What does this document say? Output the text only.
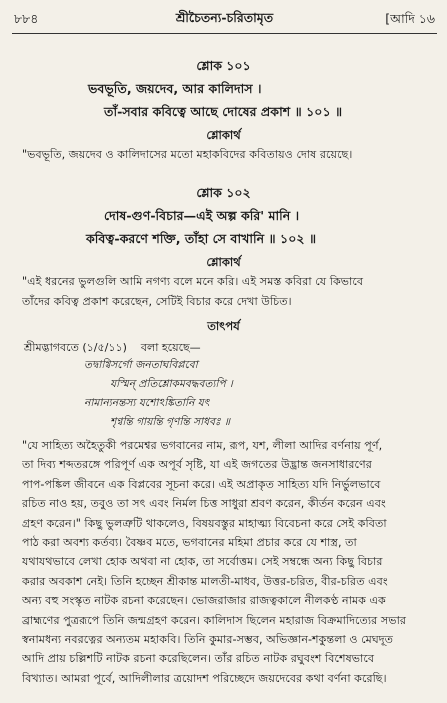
৮৮৪	শ্রীচৈতন্য-চরিতামৃত	[আদি ১৬
শ্লোক ১০১
ভবভূতি, জয়দেব, আর কালিদাস ।
তাঁ-সবার কবিত্বে আছে দোষের প্রকাশ ॥ ১০১ ॥
শ্লোকার্থ
"ভবভূতি, জয়দেব ও কালিদাসের মতো মহাকবিদের কবিতায়ও দোষ রয়েছে।
শ্লোক ১০২
দোষ-গুণ-বিচার—এই অল্প করি' মানি ।
কবিত্ব-করণে শক্তি, তাঁহা সে বাখানি ॥ ১০২ ॥
শ্লোকার্থ
"এই ধরনের ভুলগুলি আমি নগণ্য বলে মনে করি। এই সমস্ত কবিরা যে কিভাবে
তাঁদের কবিত্ব প্রকাশ করেছেন, সেটিই বিচার করে দেখা উচিত।
তাৎপর্য
শ্রীমদ্ভাগবতে (১/৫/১১) বলা হয়েছে—
তদ্বাগ্বিসর্গো জনতাঘবিপ্লবো
যস্মিন্ প্রতিশ্লোকমবদ্ধবত্যপি ।
নামান্যনন্তস্য যশোঽঙ্কিতানি যৎ
শৃণ্বন্তি গায়ন্তি গৃণন্তি সাধবঃ ॥
"যে সাহিত্য অহৈতুকী পরমেশ্বর ভগবানের নাম, রূপ, যশ, লীলা আদির বর্ণনায় পূর্ণ,
তা দিব্য শব্দতরঙ্গে পরিপূর্ণ এক অপূর্ব সৃষ্টি, যা এই জগতের উদ্ভ্রান্ত জনসাধারণের
পাপ-পঙ্কিল জীবনে এক বিপ্লবের সূচনা করে। এই অপ্রাকৃত সাহিত্য যদি নির্ভুলভাবে
রচিত নাও হয়, তবুও তা সৎ এবং নির্মল চিত্ত সাধুরা শ্রবণ করেন, কীর্তন করেন এবং
গ্রহণ করেন।" কিছু ভুলত্রুটি থাকলেও, বিষয়বস্তুর মাহাত্ম্য বিবেচনা করে সেই কবিতা
পাঠ করা অবশ্য কর্তব্য। বৈষ্ণব মতে, ভগবানের মহিমা প্রচার করে যে শাস্ত্র, তা
যথাযথভাবে লেখা হোক অথবা না হোক, তা সর্বোত্তম। সেই সম্বন্ধে অন্য কিছু বিচার
করার অবকাশ নেই। তিনি হচ্ছেন শ্রীকান্ত মালতী-মাধব, উত্তর-চরিত, বীর-চরিত এবং
অন্য বহু সংস্কৃত নাটক রচনা করেছেন। ভোজরাজার রাজত্বকালে নীলকণ্ঠ নামক এক
ব্রাহ্মণের পুত্ররূপে তিনি জন্মগ্রহণ করেন। কালিদাস ছিলেন মহারাজ বিক্রমাদিত্যের সভার
স্বনামধন্য নবরত্নের অন্যতম মহাকবি। তিনি কুমার-সম্ভব, অভিজ্ঞান-শকুন্তলা ও মেঘদূত
আদি প্রায় চল্লিশটি নাটক রচনা করেছিলেন। তাঁর রচিত নাটক রঘুবংশ বিশেষভাবে
বিখ্যাত। আমরা পূর্বে, আদিলীলার ত্রয়োদশ পরিচ্ছেদে জয়দেবের কথা বর্ণনা করেছি।
